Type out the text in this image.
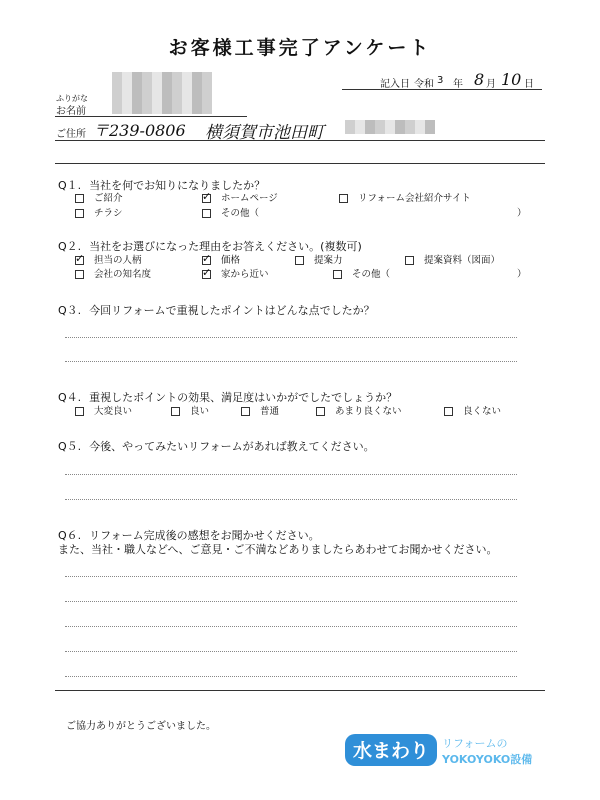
お客様工事完了アンケート
ふりがな
お名前
記入日 令和 3 年 8 月 10 日
ご住所 〒239-0806 横須賀市池田町
Q１. 当社を何でお知りになりましたか？
ご紹介	✓ ホームページ	リフォーム会社紹介サイト
チラシ	その他（	）
Q２. 当社をお選びになった理由をお答えください。(複数可)
✓ 担当の人柄	✓ 価格	提案力	提案資料（図面）
会社の知名度	✓ 家から近い	その他（	）
Q３. 今回リフォームで重視したポイントはどんな点でしたか？
Q４. 重視したポイントの効果、満足度はいかがでしたでしょうか？
大変良い	良い	普通	あまり良くない	良くない
Q５. 今後、やってみたいリフォームがあれば教えてください。
Q６. リフォーム完成後の感想をお聞かせください。
また、当社・職人などへ、ご意見・ご不満などありましたらあわせてお聞かせください。
ご協力ありがとうございました。
水まわり リフォームの
YOKOYOKO設備
